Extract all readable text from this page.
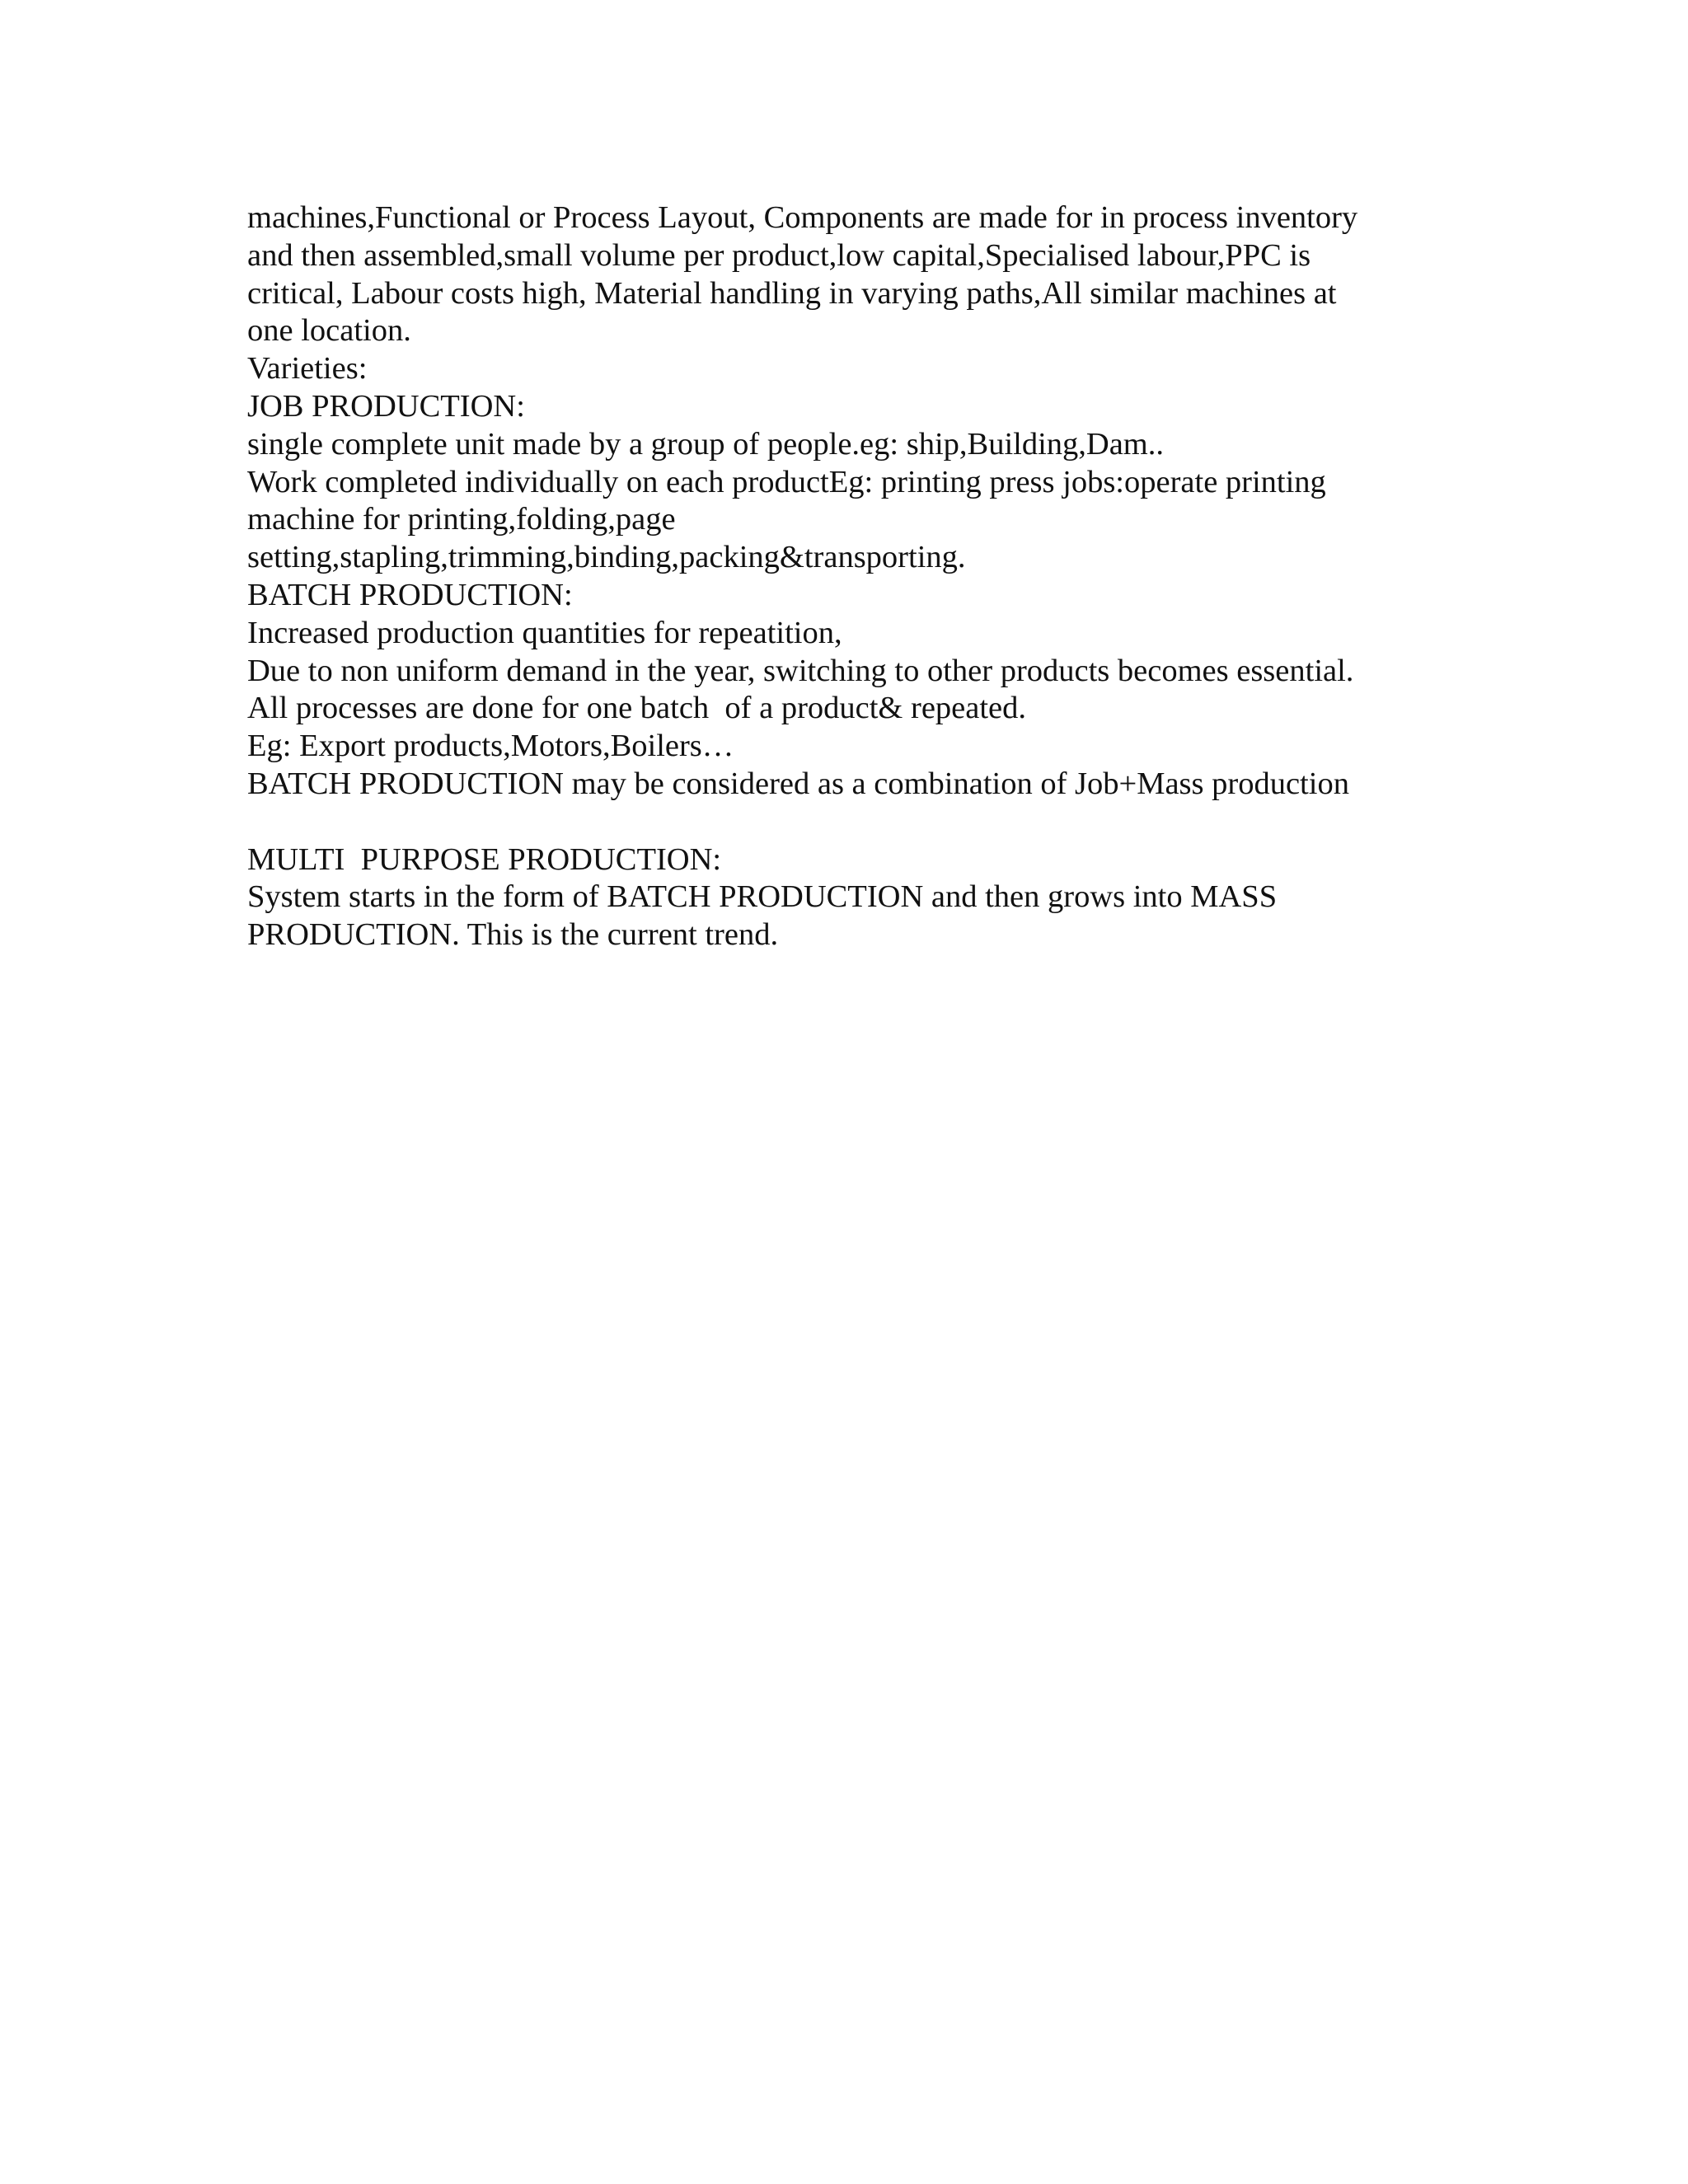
machines,Functional or Process Layout, Components are made for in process inventory
and then assembled,small volume per product,low capital,Specialised labour,PPC is
critical, Labour costs high, Material handling in varying paths,All similar machines at
one location.
Varieties:
JOB PRODUCTION:
single complete unit made by a group of people.eg: ship,Building,Dam..
Work completed individually on each productEg: printing press jobs:operate printing
machine for printing,folding,page
setting,stapling,trimming,binding,packing&transporting.
BATCH PRODUCTION:
Increased production quantities for repeatition,
Due to non uniform demand in the year, switching to other products becomes essential.
All processes are done for one batch  of a product& repeated.
Eg: Export products,Motors,Boilers…
BATCH PRODUCTION may be considered as a combination of Job+Mass production
MULTI  PURPOSE PRODUCTION:
System starts in the form of BATCH PRODUCTION and then grows into MASS
PRODUCTION. This is the current trend.
